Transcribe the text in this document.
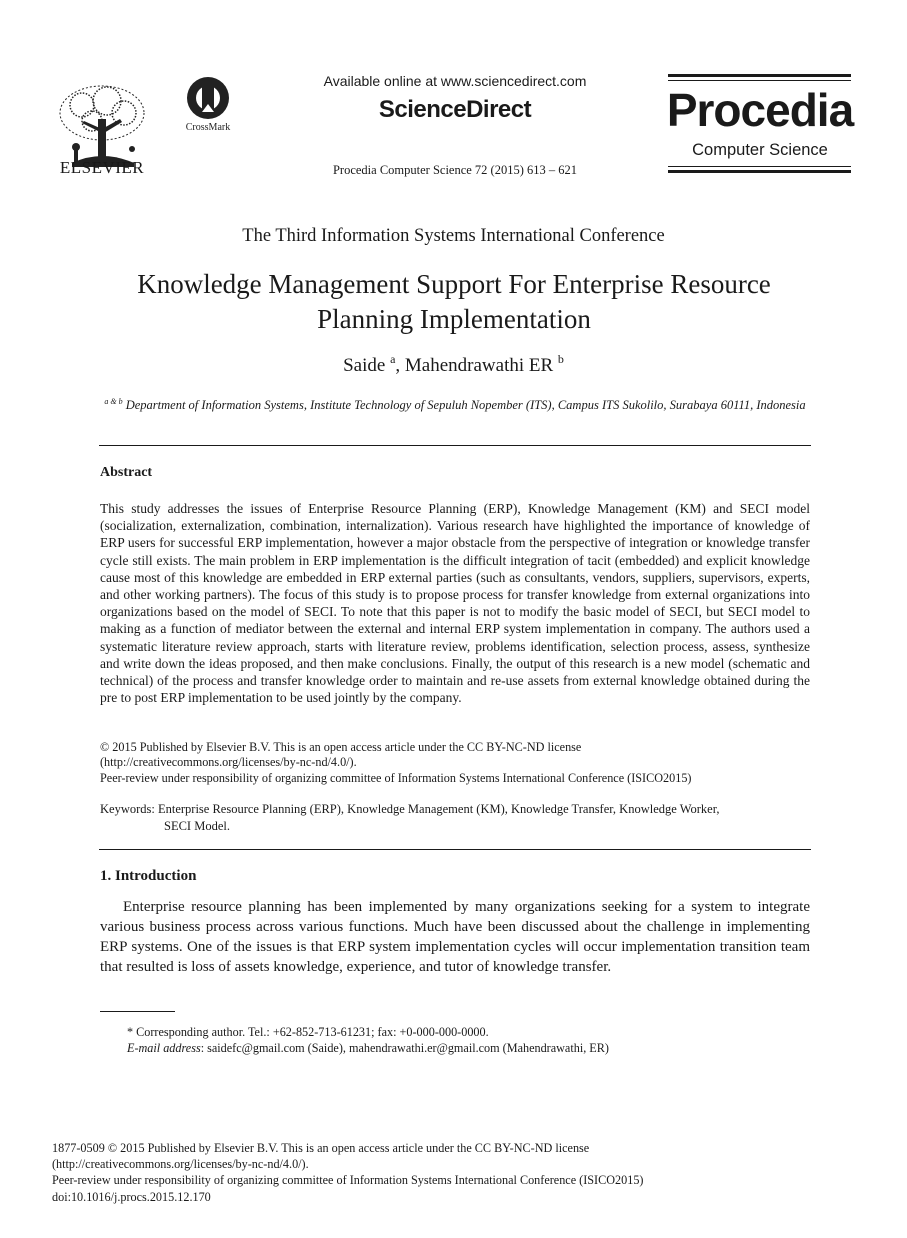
ELSEVIER
CrossMark
Available online at www.sciencedirect.com
ScienceDirect
Procedia Computer Science 72 (2015) 613 – 621
Procedia
Computer Science
The Third Information Systems International Conference
Knowledge Management Support For Enterprise Resource Planning Implementation
Saide $^a$, Mahendrawathi ER $^b$
$^{a \& b}$ Department of Information Systems, Institute Technology of Sepuluh Nopember (ITS), Campus ITS Sukolilo, Surabaya 60111, Indonesia
Abstract
This study addresses the issues of Enterprise Resource Planning (ERP), Knowledge Management (KM) and SECI model (socialization, externalization, combination, internalization). Various research have highlighted the importance of knowledge of ERP users for successful ERP implementation, however a major obstacle from the perspective of integration or knowledge transfer cycle still exists. The main problem in ERP implementation is the difficult integration of tacit (embedded) and explicit knowledge cause most of this knowledge are embedded in ERP external parties (such as consultants, vendors, suppliers, supervisors, experts, and other working partners). The focus of this study is to propose process for transfer knowledge from external organizations into organizations based on the model of SECI. To note that this paper is not to modify the basic model of SECI, but SECI model to making as a function of mediator between the external and internal ERP system implementation in company. The authors used a systematic literature review approach, starts with literature review, problems identification, selection process, assess, synthesize and write down the ideas proposed, and then make conclusions. Finally, the output of this research is a new model (schematic and technical) of the process and transfer knowledge order to maintain and re-use assets from external knowledge obtained during the pre to post ERP implementation to be used jointly by the company.
© 2015 Published by Elsevier B.V. This is an open access article under the CC BY-NC-ND license
(http://creativecommons.org/licenses/by-nc-nd/4.0/).
Peer-review under responsibility of organizing committee of Information Systems International Conference (ISICO2015)
Keywords: Enterprise Resource Planning (ERP), Knowledge Management (KM), Knowledge Transfer, Knowledge Worker,
SECI Model.
1. Introduction
Enterprise resource planning has been implemented by many organizations seeking for a system to integrate various business process across various functions. Much have been discussed about the challenge in implementing ERP systems. One of the issues is that ERP system implementation cycles will occur implementation transition team that resulted is loss of assets knowledge, experience, and tutor of knowledge transfer.
* Corresponding author. Tel.: +62-852-713-61231; fax: +0-000-000-0000.
E-mail address: saidefc@gmail.com (Saide), mahendrawathi.er@gmail.com (Mahendrawathi, ER)
1877-0509 © 2015 Published by Elsevier B.V. This is an open access article under the CC BY-NC-ND license
(http://creativecommons.org/licenses/by-nc-nd/4.0/).
Peer-review under responsibility of organizing committee of Information Systems International Conference (ISICO2015)
doi:10.1016/j.procs.2015.12.170
